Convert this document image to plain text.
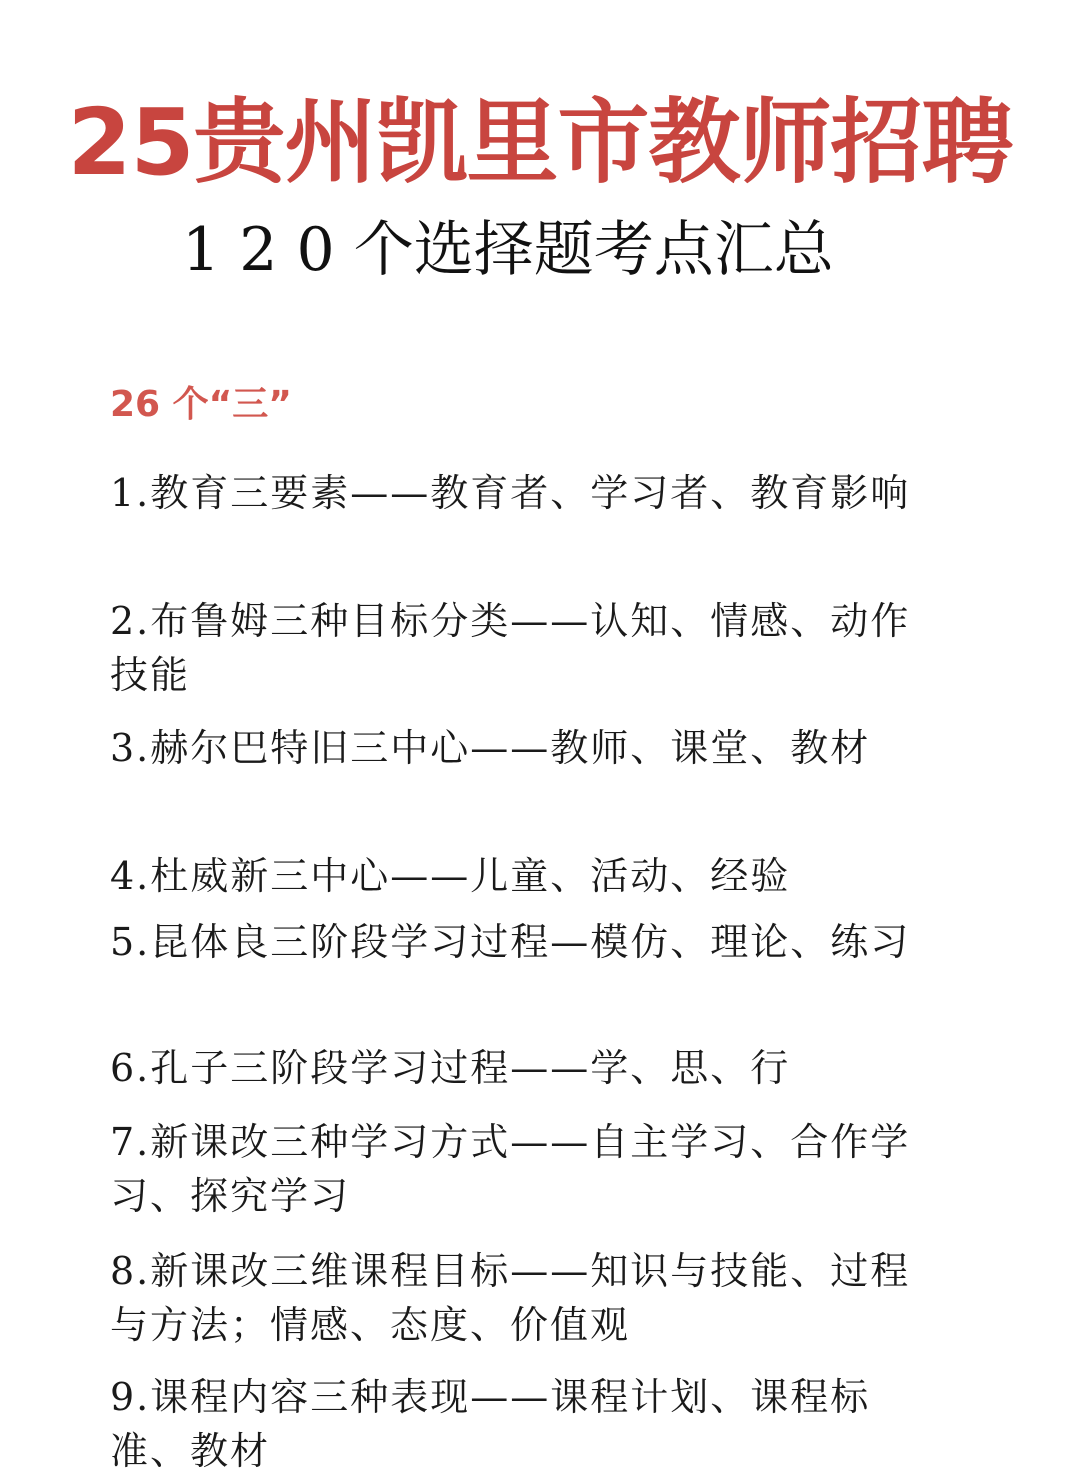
25贵州凯里市教师招聘
1 2 0 个选择题考点汇总
26 个“三”
1.教育三要素——教育者、学习者、教育影响
2.布鲁姆三种目标分类——认知、情感、动作技能
3.赫尔巴特旧三中心——教师、课堂、教材
4.杜威新三中心——儿童、活动、经验
5.昆体良三阶段学习过程—模仿、理论、练习
6.孔子三阶段学习过程——学、思、行
7.新课改三种学习方式——自主学习、合作学习、探究学习
8.新课改三维课程目标——知识与技能、过程与方法；情感、态度、价值观
9.课程内容三种表现——课程计划、课程标准、教材
